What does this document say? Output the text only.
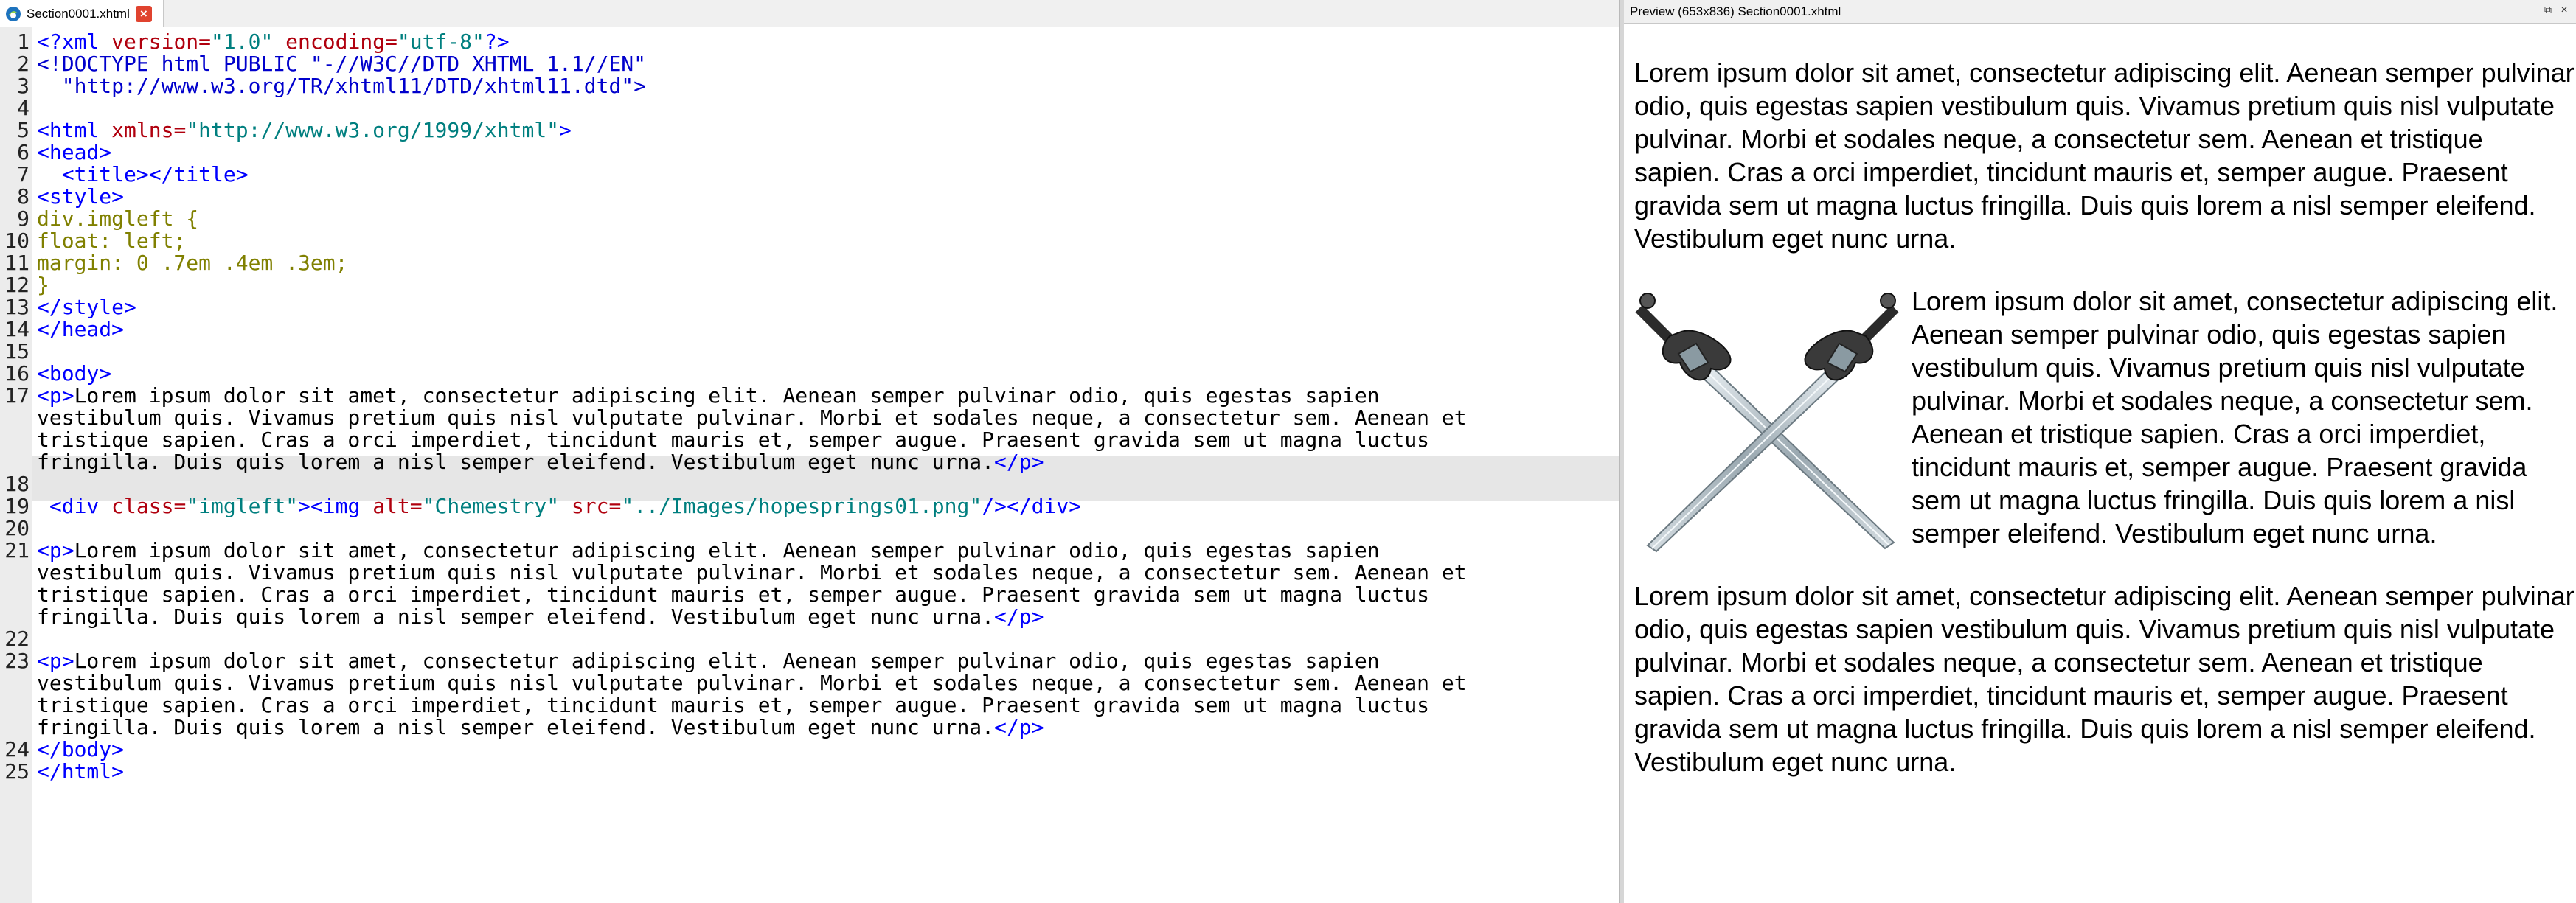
Section0001.xhtml ×
1 <?xml version="1.0" encoding="utf-8"?>
2 <!DOCTYPE html PUBLIC "-//W3C//DTD XHTML 1.1//EN"
3 "http://www.w3.org/TR/xhtml11/DTD/xhtml11.dtd">
4
5 <html xmlns="http://www.w3.org/1999/xhtml">
6 <head>
7 <title></title>
8 <style>
9 div.imgleft {
10 float: left;
11 margin: 0 .7em .4em .3em;
12 }
13 </style>
14 </head>
15
16 <body>
17 <p>Lorem ipsum dolor sit amet, consectetur adipiscing elit. Aenean semper pulvinar odio, quis egestas sapien
vestibulum quis. Vivamus pretium quis nisl vulputate pulvinar. Morbi et sodales neque, a consectetur sem. Aenean et
tristique sapien. Cras a orci imperdiet, tincidunt mauris et, semper augue. Praesent gravida sem ut magna luctus
fringilla. Duis quis lorem a nisl semper eleifend. Vestibulum eget nunc urna.</p>
18
19 <div class="imgleft"><img alt="Chemestry" src="../Images/hopesprings01.png"/></div>
20
21 <p>Lorem ipsum dolor sit amet, consectetur adipiscing elit. Aenean semper pulvinar odio, quis egestas sapien
vestibulum quis. Vivamus pretium quis nisl vulputate pulvinar. Morbi et sodales neque, a consectetur sem. Aenean et
tristique sapien. Cras a orci imperdiet, tincidunt mauris et, semper augue. Praesent gravida sem ut magna luctus
fringilla. Duis quis lorem a nisl semper eleifend. Vestibulum eget nunc urna.</p>
22
23 <p>Lorem ipsum dolor sit amet, consectetur adipiscing elit. Aenean semper pulvinar odio, quis egestas sapien
vestibulum quis. Vivamus pretium quis nisl vulputate pulvinar. Morbi et sodales neque, a consectetur sem. Aenean et
tristique sapien. Cras a orci imperdiet, tincidunt mauris et, semper augue. Praesent gravida sem ut magna luctus
fringilla. Duis quis lorem a nisl semper eleifend. Vestibulum eget nunc urna.</p>
24 </body>
25 </html>
Preview (653x836) Section0001.xhtml	⧉ ×

Lorem ipsum dolor sit amet, consectetur adipiscing elit. Aenean semper pulvinar odio, quis egestas sapien vestibulum quis. Vivamus pretium quis nisl vulputate pulvinar. Morbi et sodales neque, a consectetur sem. Aenean et tristique sapien. Cras a orci imperdiet, tincidunt mauris et, semper augue. Praesent gravida sem ut magna luctus fringilla. Duis quis lorem a nisl semper eleifend. Vestibulum eget nunc urna.

Lorem ipsum dolor sit amet, consectetur adipiscing elit. Aenean semper pulvinar odio, quis egestas sapien vestibulum quis. Vivamus pretium quis nisl vulputate pulvinar. Morbi et sodales neque, a consectetur sem. Aenean et tristique sapien. Cras a orci imperdiet, tincidunt mauris et, semper augue. Praesent gravida sem ut magna luctus fringilla. Duis quis lorem a nisl semper eleifend. Vestibulum eget nunc urna.

Lorem ipsum dolor sit amet, consectetur adipiscing elit. Aenean semper pulvinar odio, quis egestas sapien vestibulum quis. Vivamus pretium quis nisl vulputate pulvinar. Morbi et sodales neque, a consectetur sem. Aenean et tristique sapien. Cras a orci imperdiet, tincidunt mauris et, semper augue. Praesent gravida sem ut magna luctus fringilla. Duis quis lorem a nisl semper eleifend. Vestibulum eget nunc urna.
